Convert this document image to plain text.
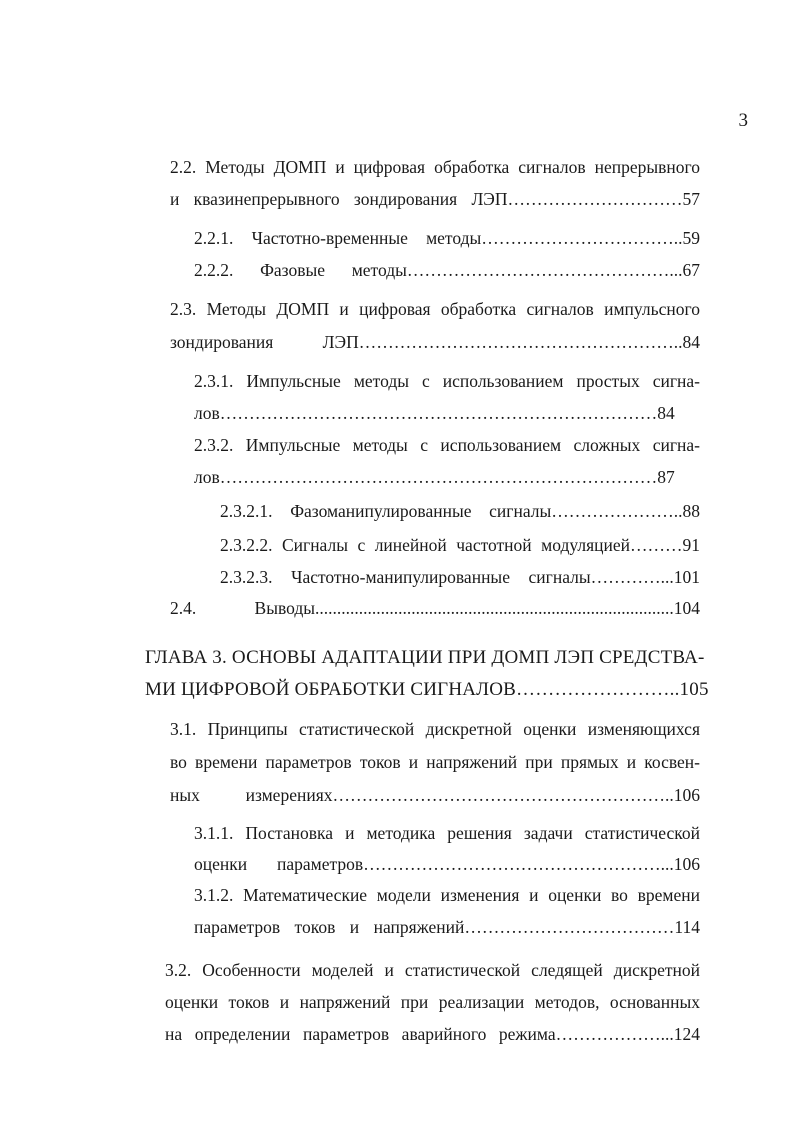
3
2.2. Методы ДОМП и цифровая обработка сигналов непрерывного
и квазинепрерывного зондирования ЛЭП…………………………57
2.2.1. Частотно-временные методы……………………………..59
2.2.2. Фазовые методы………………………………………...67
2.3. Методы ДОМП и цифровая обработка сигналов импульсного
зондирования ЛЭП………………………………………………..84
2.3.1. Импульсные методы с использованием простых сигна-
лов…………………………………………………………………84
2.3.2. Импульсные методы с использованием сложных сигна-
лов…………………………………………………………………87
2.3.2.1. Фазоманипулированные сигналы…………………..88
2.3.2.2. Сигналы с линейной частотной модуляцией………91
2.3.2.3. Частотно-манипулированные сигналы…………...101
2.4. Выводы..................................................................................104
ГЛАВА 3. ОСНОВЫ АДАПТАЦИИ ПРИ ДОМП ЛЭП СРЕДСТВА-
МИ ЦИФРОВОЙ ОБРАБОТКИ СИГНАЛОВ……………………..105
3.1. Принципы статистической дискретной оценки изменяющихся
во времени параметров токов и напряжений при прямых и косвен-
ных измерениях…………………………………………………..106
3.1.1. Постановка и методика решения задачи статистической
оценки параметров……………………………………………...106
3.1.2. Математические модели изменения и оценки во времени
параметров токов и напряжений………………………………114
3.2. Особенности моделей и статистической следящей дискретной
оценки токов и напряжений при реализации методов, основанных
на определении параметров аварийного режима………………...124
